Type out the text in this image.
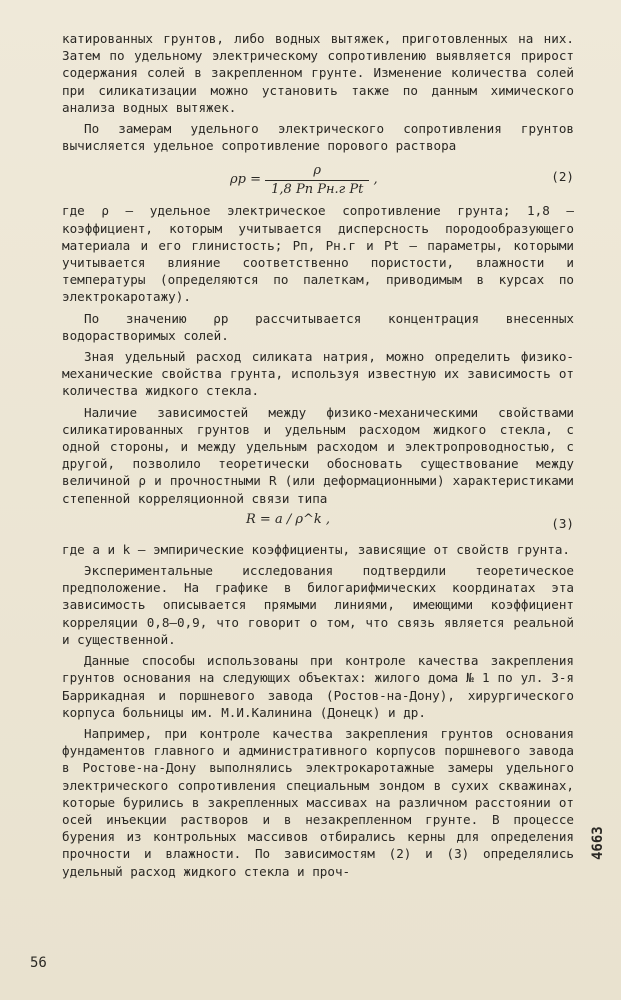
катированных грунтов, либо водных вытяжек, приготовленных на них. Затем по удельному электрическому сопротивлению выявляется прирост содержания солей в закрепленном грунте. Изменение количества солей при силикатизации можно установить также по данным химического анализа водных вытяжек.

По замерам удельного электрического сопротивления грунтов вычисляется удельное сопротивление порового раствора

$\rho p = \frac{\rho}{\text{1,8 Pп Pн.г Pt}}$ ,	(2)

где ρ – удельное электрическое сопротивление грунта; 1,8 – коэффициент, которым учитывается дисперсность породообразующего материала и его глинистость; Pп, Pн.г и Pt – параметры, которыми учитывается влияние соответственно пористости, влажности и температуры (определяются по палеткам, приводимым в курсах по электрокаротажу).

По значению ρp рассчитывается концентрация внесенных водорастворимых солей.

Зная удельный расход силиката натрия, можно определить физико-механические свойства грунта, используя известную их зависимость от количества жидкого стекла.

Наличие зависимостей между физико-механическими свойствами силикатированных грунтов и удельным расходом жидкого стекла, с одной стороны, и между удельным расходом и электропроводностью, с другой, позволило теоретически обосновать существование между величиной ρ и прочностными R (или деформационными) характеристиками степенной корреляционной связи типа

R = a / ρ^k ,	(3)

где a и k – эмпирические коэффициенты, зависящие от свойств грунта.

Экспериментальные исследования подтвердили теоретическое предположение. На графике в билогарифмических координатах эта зависимость описывается прямыми линиями, имеющими коэффициент корреляции 0,8–0,9, что говорит о том, что связь является реальной и существенной.

Данные способы использованы при контроле качества закрепления грунтов основания на следующих объектах: жилого дома № 1 по ул. 3-я Баррикадная и поршневого завода (Ростов-на-Дону), хирургического корпуса больницы им. М.И.Калинина (Донецк) и др.

Например, при контроле качества закрепления грунтов основания фундаментов главного и административного корпусов поршневого завода в Ростове-на-Дону выполнялись электрокаротажные замеры удельного электрического сопротивления специальным зондом в сухих скважинах, которые бурились в закрепленных массивах на различном расстоянии от осей инъекции растворов и в незакрепленном грунте. В процессе бурения из контрольных массивов отбирались керны для определения прочности и влажности. По зависимостям (2) и (3) определялись удельный расход жидкого стекла и проч-

4663
56
